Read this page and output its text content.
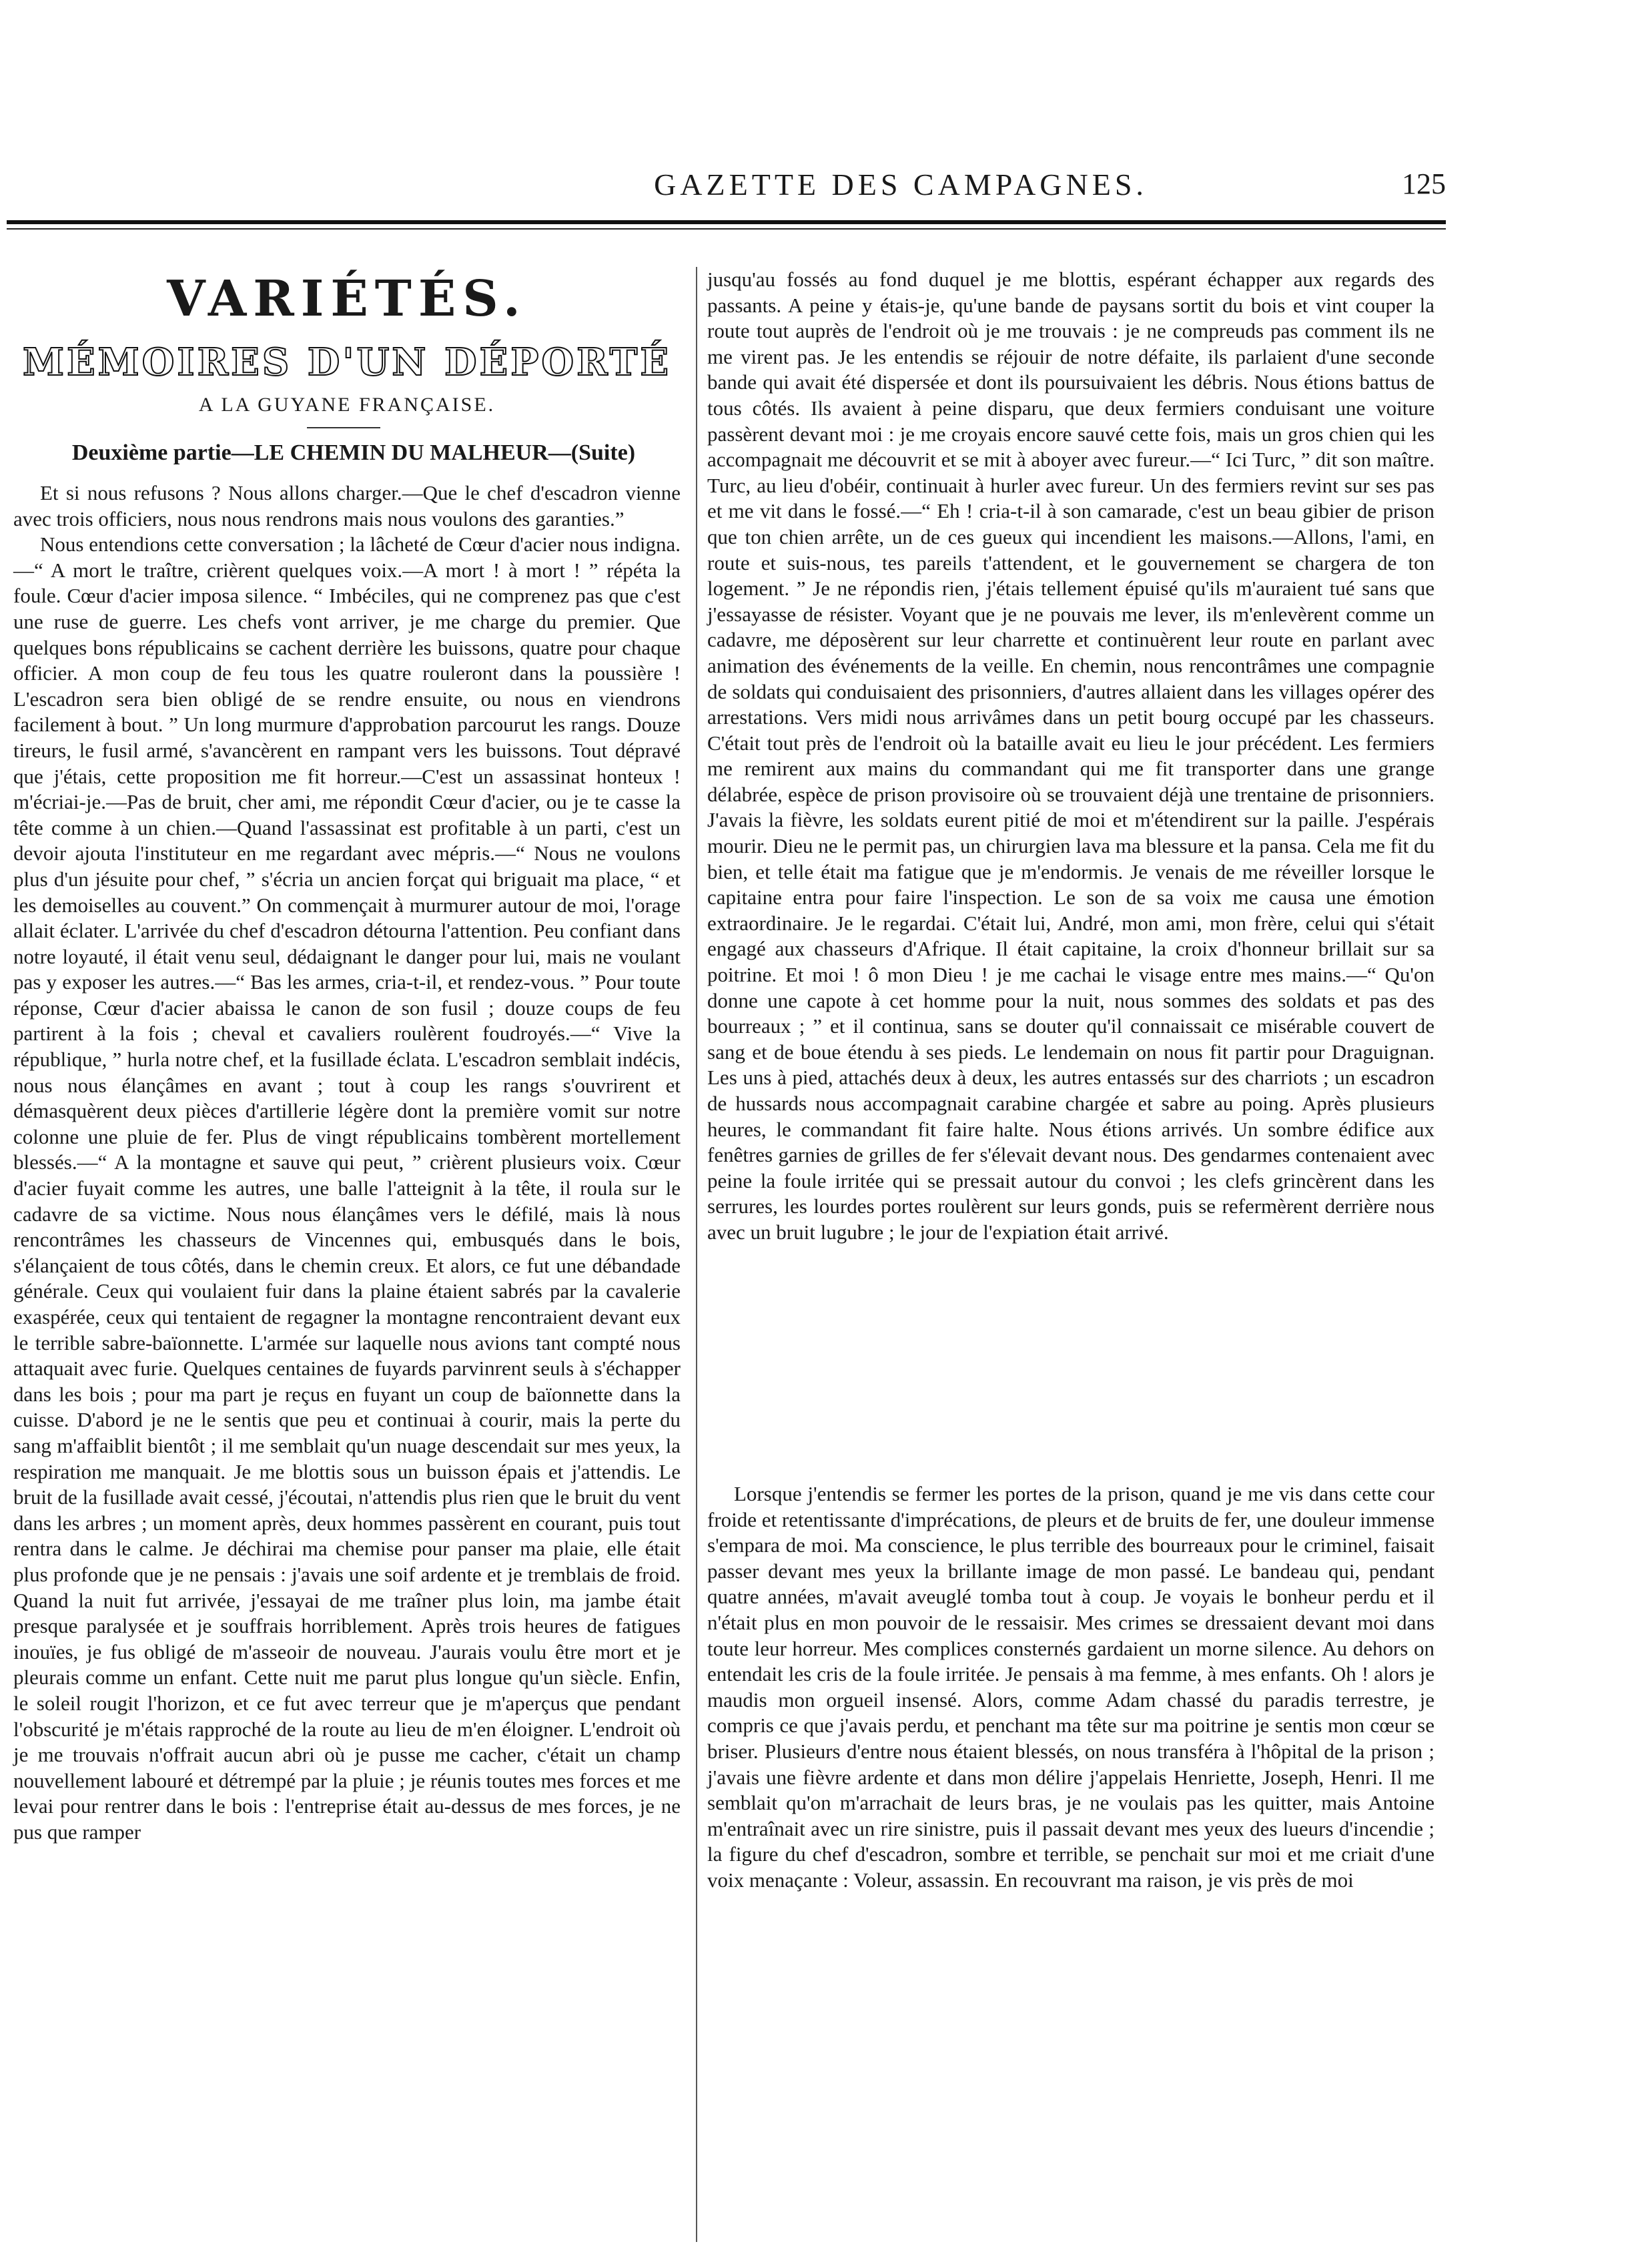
GAZETTE DES CAMPAGNES.	125
VARIÉTÉS.
MÉMOIRES D'UN DÉPORTÉ
A LA GUYANE FRANÇAISE.
Deuxième partie—LE CHEMIN DU MALHEUR—(Suite)

Et si nous refusons ? Nous allons charger.—Que le chef d'escadron vienne avec trois officiers, nous nous rendrons mais nous voulons des garanties.”

Nous entendions cette conversation ; la lâcheté de Cœur d'acier nous indigna.—“ A mort le traître, crièrent quelques voix.—A mort ! à mort ! ” répéta la foule. Cœur d'acier imposa silence. “ Imbéciles, qui ne comprenez pas que c'est une ruse de guerre. Les chefs vont arriver, je me charge du premier. Que quelques bons républicains se cachent derrière les buissons, quatre pour chaque officier. A mon coup de feu tous les quatre rouleront dans la poussière ! L'escadron sera bien obligé de se rendre ensuite, ou nous en viendrons facilement à bout. ” Un long murmure d'approbation parcourut les rangs. Douze tireurs, le fusil armé, s'avancèrent en rampant vers les buissons. Tout dépravé que j'étais, cette proposition me fit horreur.—C'est un assassinat honteux ! m'écriai-je.—Pas de bruit, cher ami, me répondit Cœur d'acier, ou je te casse la tête comme à un chien.—Quand l'assassinat est profitable à un parti, c'est un devoir ajouta l'instituteur en me regardant avec mépris.—“ Nous ne voulons plus d'un jésuite pour chef, ” s'écria un ancien forçat qui briguait ma place, “ et les demoiselles au couvent.” On commençait à murmurer autour de moi, l'orage allait éclater. L'arrivée du chef d'escadron détourna l'attention. Peu confiant dans notre loyauté, il était venu seul, dédaignant le danger pour lui, mais ne voulant pas y exposer les autres.—“ Bas les armes, cria-t-il, et rendez-vous. ” Pour toute réponse, Cœur d'acier abaissa le canon de son fusil ; douze coups de feu partirent à la fois ; cheval et cavaliers roulèrent foudroyés.—“ Vive la république, ” hurla notre chef, et la fusillade éclata. L'escadron semblait indécis, nous nous élançâmes en avant ; tout à coup les rangs s'ouvrirent et démasquèrent deux pièces d'artillerie légère dont la première vomit sur notre colonne une pluie de fer. Plus de vingt républicains tombèrent mortellement blessés.—“ A la montagne et sauve qui peut, ” crièrent plusieurs voix. Cœur d'acier fuyait comme les autres, une balle l'atteignit à la tête, il roula sur le cadavre de sa victime. Nous nous élançâmes vers le défilé, mais là nous rencontrâmes les chasseurs de Vincennes qui, embusqués dans le bois, s'élançaient de tous côtés, dans le chemin creux. Et alors, ce fut une débandade générale. Ceux qui voulaient fuir dans la plaine étaient sabrés par la cavalerie exaspérée, ceux qui tentaient de regagner la montagne rencontraient devant eux le terrible sabre-baïonnette. L'armée sur laquelle nous avions tant compté nous attaquait avec furie. Quelques centaines de fuyards parvinrent seuls à s'échapper dans les bois ; pour ma part je reçus en fuyant un coup de baïonnette dans la cuisse. D'abord je ne le sentis que peu et continuai à courir, mais la perte du sang m'affaiblit bientôt ; il me semblait qu'un nuage descendait sur mes yeux, la respiration me manquait. Je me blottis sous un buisson épais et j'attendis. Le bruit de la fusillade avait cessé, j'écoutai, n'attendis plus rien que le bruit du vent dans les arbres ; un moment après, deux hommes passèrent en courant, puis tout rentra dans le calme. Je déchirai ma chemise pour panser ma plaie, elle était plus profonde que je ne pensais : j'avais une soif ardente et je tremblais de froid. Quand la nuit fut arrivée, j'essayai de me traîner plus loin, ma jambe était presque paralysée et je souffrais horriblement. Après trois heures de fatigues inouïes, je fus obligé de m'asseoir de nouveau. J'aurais voulu être mort et je pleurais comme un enfant. Cette nuit me parut plus longue qu'un siècle. Enfin, le soleil rougit l'horizon, et ce fut avec terreur que je m'aperçus que pendant l'obscurité je m'étais rapproché de la route au lieu de m'en éloigner. L'endroit où je me trouvais n'offrait aucun abri où je pusse me cacher, c'était un champ nouvellement labouré et détrempé par la pluie ; je réunis toutes mes forces et me levai pour rentrer dans le bois : l'entreprise était au-dessus de mes forces, je ne pus que ramper

jusqu'au fossés au fond duquel je me blottis, espérant échapper aux regards des passants. A peine y étais-je, qu'une bande de paysans sortit du bois et vint couper la route tout auprès de l'endroit où je me trouvais : je ne compreuds pas comment ils ne me virent pas. Je les entendis se réjouir de notre défaite, ils parlaient d'une seconde bande qui avait été dispersée et dont ils poursuivaient les débris. Nous étions battus de tous côtés. Ils avaient à peine disparu, que deux fermiers conduisant une voiture passèrent devant moi : je me croyais encore sauvé cette fois, mais un gros chien qui les accompagnait me découvrit et se mit à aboyer avec fureur.—“ Ici Turc, ” dit son maître. Turc, au lieu d'obéir, continuait à hurler avec fureur. Un des fermiers revint sur ses pas et me vit dans le fossé.—“ Eh ! cria-t-il à son camarade, c'est un beau gibier de prison que ton chien arrête, un de ces gueux qui incendient les maisons.—Allons, l'ami, en route et suis-nous, tes pareils t'attendent, et le gouvernement se chargera de ton logement. ” Je ne répondis rien, j'étais tellement épuisé qu'ils m'auraient tué sans que j'essayasse de résister. Voyant que je ne pouvais me lever, ils m'enlevèrent comme un cadavre, me déposèrent sur leur charrette et continuèrent leur route en parlant avec animation des événements de la veille. En chemin, nous rencontrâmes une compagnie de soldats qui conduisaient des prisonniers, d'autres allaient dans les villages opérer des arrestations. Vers midi nous arrivâmes dans un petit bourg occupé par les chasseurs. C'était tout près de l'endroit où la bataille avait eu lieu le jour précédent. Les fermiers me remirent aux mains du commandant qui me fit transporter dans une grange délabrée, espèce de prison provisoire où se trouvaient déjà une trentaine de prisonniers. J'avais la fièvre, les soldats eurent pitié de moi et m'étendirent sur la paille. J'espérais mourir. Dieu ne le permit pas, un chirurgien lava ma blessure et la pansa. Cela me fit du bien, et telle était ma fatigue que je m'endormis. Je venais de me réveiller lorsque le capitaine entra pour faire l'inspection. Le son de sa voix me causa une émotion extraordinaire. Je le regardai. C'était lui, André, mon ami, mon frère, celui qui s'était engagé aux chasseurs d'Afrique. Il était capitaine, la croix d'honneur brillait sur sa poitrine. Et moi ! ô mon Dieu ! je me cachai le visage entre mes mains.—“ Qu'on donne une capote à cet homme pour la nuit, nous sommes des soldats et pas des bourreaux ; ” et il continua, sans se douter qu'il connaissait ce misérable couvert de sang et de boue étendu à ses pieds. Le lendemain on nous fit partir pour Draguignan. Les uns à pied, attachés deux à deux, les autres entassés sur des charriots ; un escadron de hussards nous accompagnait carabine chargée et sabre au poing. Après plusieurs heures, le commandant fit faire halte. Nous étions arrivés. Un sombre édifice aux fenêtres garnies de grilles de fer s'élevait devant nous. Des gendarmes contenaient avec peine la foule irritée qui se pressait autour du convoi ; les clefs grincèrent dans les serrures, les lourdes portes roulèrent sur leurs gonds, puis se refermèrent derrière nous avec un bruit lugubre ; le jour de l'expiation était arrivé.

Lorsque j'entendis se fermer les portes de la prison, quand je me vis dans cette cour froide et retentissante d'imprécations, de pleurs et de bruits de fer, une douleur immense s'empara de moi. Ma conscience, le plus terrible des bourreaux pour le criminel, faisait passer devant mes yeux la brillante image de mon passé. Le bandeau qui, pendant quatre années, m'avait aveuglé tomba tout à coup. Je voyais le bonheur perdu et il n'était plus en mon pouvoir de le ressaisir. Mes crimes se dressaient devant moi dans toute leur horreur. Mes complices consternés gardaient un morne silence. Au dehors on entendait les cris de la foule irritée. Je pensais à ma femme, à mes enfants. Oh ! alors je maudis mon orgueil insensé. Alors, comme Adam chassé du paradis terrestre, je compris ce que j'avais perdu, et penchant ma tête sur ma poitrine je sentis mon cœur se briser. Plusieurs d'entre nous étaient blessés, on nous transféra à l'hôpital de la prison ; j'avais une fièvre ardente et dans mon délire j'appelais Henriette, Joseph, Henri. Il me semblait qu'on m'arrachait de leurs bras, je ne voulais pas les quitter, mais Antoine m'entraînait avec un rire sinistre, puis il passait devant mes yeux des lueurs d'incendie ; la figure du chef d'escadron, sombre et terrible, se penchait sur moi et me criait d'une voix menaçante : Voleur, assassin. En recouvrant ma raison, je vis près de moi
